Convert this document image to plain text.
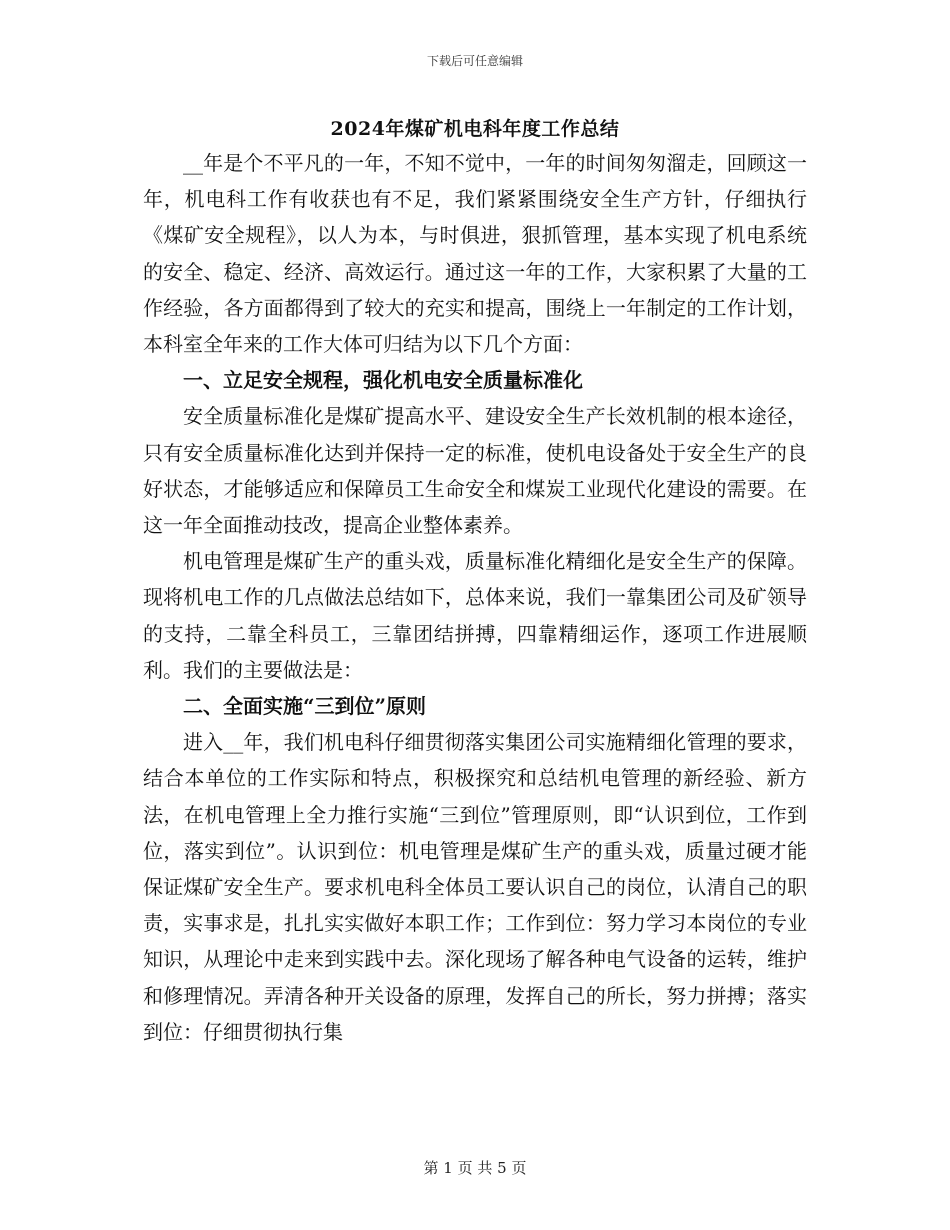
下载后可任意编辑
2024年煤矿机电科年度工作总结

__年是个不平凡的一年，不知不觉中，一年的时间匆匆溜走，回顾这一年，机电科工作有收获也有不足，我们紧紧围绕安全生产方针，仔细执行《煤矿安全规程》，以人为本，与时俱进，狠抓管理，基本实现了机电系统的安全、稳定、经济、高效运行。通过这一年的工作，大家积累了大量的工作经验，各方面都得到了较大的充实和提高，围绕上一年制定的工作计划，本科室全年来的工作大体可归结为以下几个方面：

一、立足安全规程，强化机电安全质量标准化

安全质量标准化是煤矿提高水平、建设安全生产长效机制的根本途径，只有安全质量标准化达到并保持一定的标准，使机电设备处于安全生产的良好状态，才能够适应和保障员工生命安全和煤炭工业现代化建设的需要。在这一年全面推动技改，提高企业整体素养。

机电管理是煤矿生产的重头戏，质量标准化精细化是安全生产的保障。现将机电工作的几点做法总结如下，总体来说，我们一靠集团公司及矿领导的支持，二靠全科员工，三靠团结拼搏，四靠精细运作，逐项工作进展顺利。我们的主要做法是：

二、全面实施“三到位”原则

进入__年，我们机电科仔细贯彻落实集团公司实施精细化管理的要求，结合本单位的工作实际和特点，积极探究和总结机电管理的新经验、新方法，在机电管理上全力推行实施“三到位”管理原则，即“认识到位，工作到位，落实到位”。认识到位：机电管理是煤矿生产的重头戏，质量过硬才能保证煤矿安全生产。要求机电科全体员工要认识自己的岗位，认清自己的职责，实事求是，扎扎实实做好本职工作；工作到位：努力学习本岗位的专业知识，从理论中走来到实践中去。深化现场了解各种电气设备的运转，维护和修理情况。弄清各种开关设备的原理，发挥自己的所长，努力拼搏；落实到位：仔细贯彻执行集

第 1 页 共 5 页
